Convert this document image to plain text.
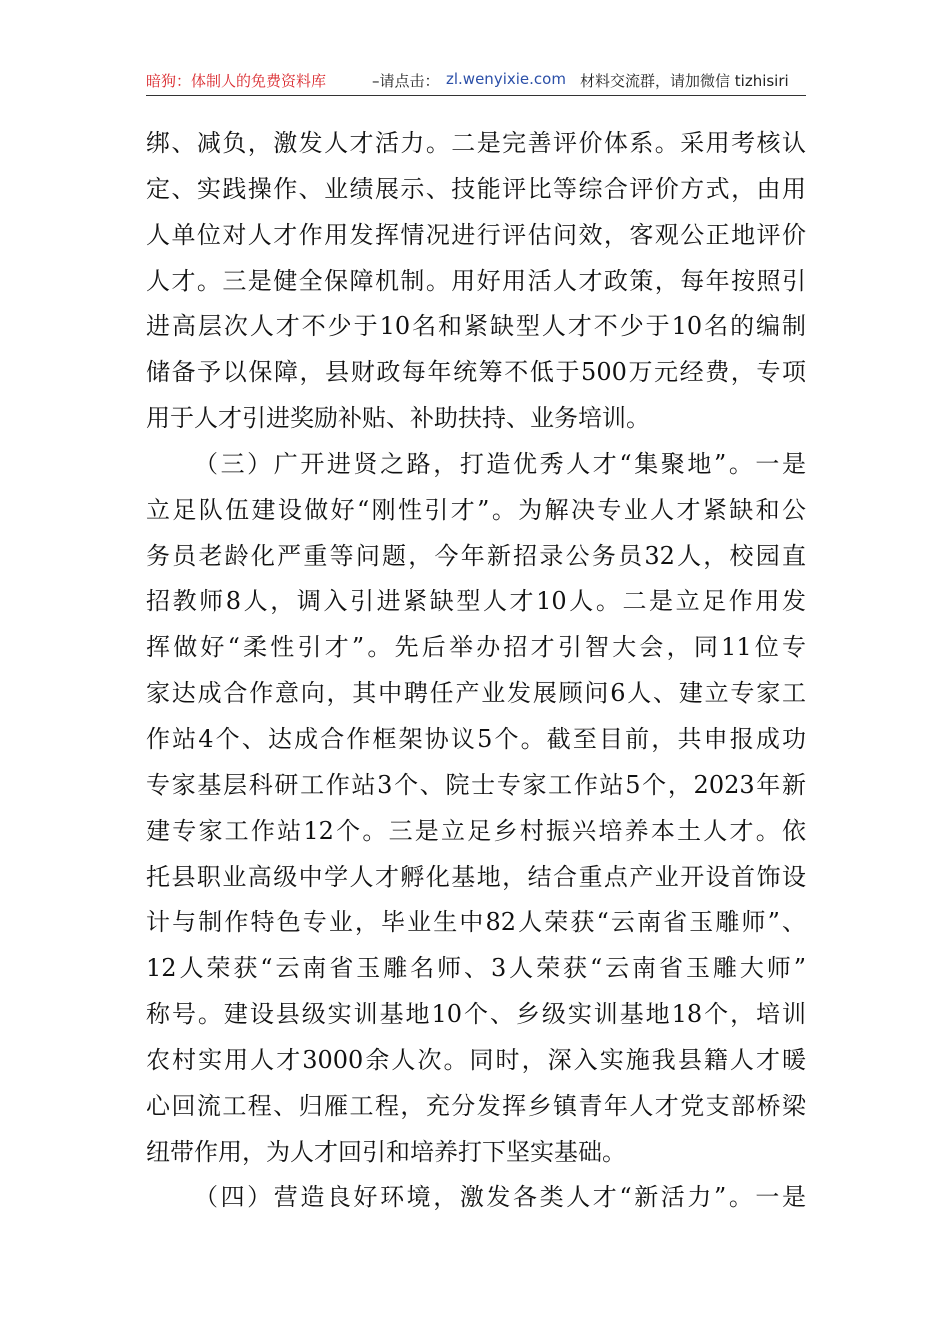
暗狗：体制人的免费资料库	–请点击： zl.wenyixie.com 材料交流群，请加微信 tizhisiri
绑、减负，激发人才活力。二是完善评价体系。采用考核认
定、实践操作、业绩展示、技能评比等综合评价方式，由用
人单位对人才作用发挥情况进行评估问效，客观公正地评价
人才。三是健全保障机制。用好用活人才政策，每年按照引
进高层次人才不少于10名和紧缺型人才不少于10名的编制
储备予以保障，县财政每年统筹不低于500万元经费，专项
用于人才引进奖励补贴、补助扶持、业务培训。
（三）广开进贤之路，打造优秀人才“集聚地”。一是
立足队伍建设做好“刚性引才”。为解决专业人才紧缺和公
务员老龄化严重等问题，今年新招录公务员32人，校园直
招教师8人，调入引进紧缺型人才10人。二是立足作用发
挥做好“柔性引才”。先后举办招才引智大会，同11位专
家达成合作意向，其中聘任产业发展顾问6人、建立专家工
作站4个、达成合作框架协议5个。截至目前，共申报成功
专家基层科研工作站3个、院士专家工作站5个，2023年新
建专家工作站12个。三是立足乡村振兴培养本土人才。依
托县职业高级中学人才孵化基地，结合重点产业开设首饰设
计与制作特色专业，毕业生中82人荣获“云南省玉雕师”、
12人荣获“云南省玉雕名师、3人荣获“云南省玉雕大师”
称号。建设县级实训基地10个、乡级实训基地18个，培训
农村实用人才3000余人次。同时，深入实施我县籍人才暖
心回流工程、归雁工程，充分发挥乡镇青年人才党支部桥梁
纽带作用，为人才回引和培养打下坚实基础。
（四）营造良好环境，激发各类人才“新活力”。一是
